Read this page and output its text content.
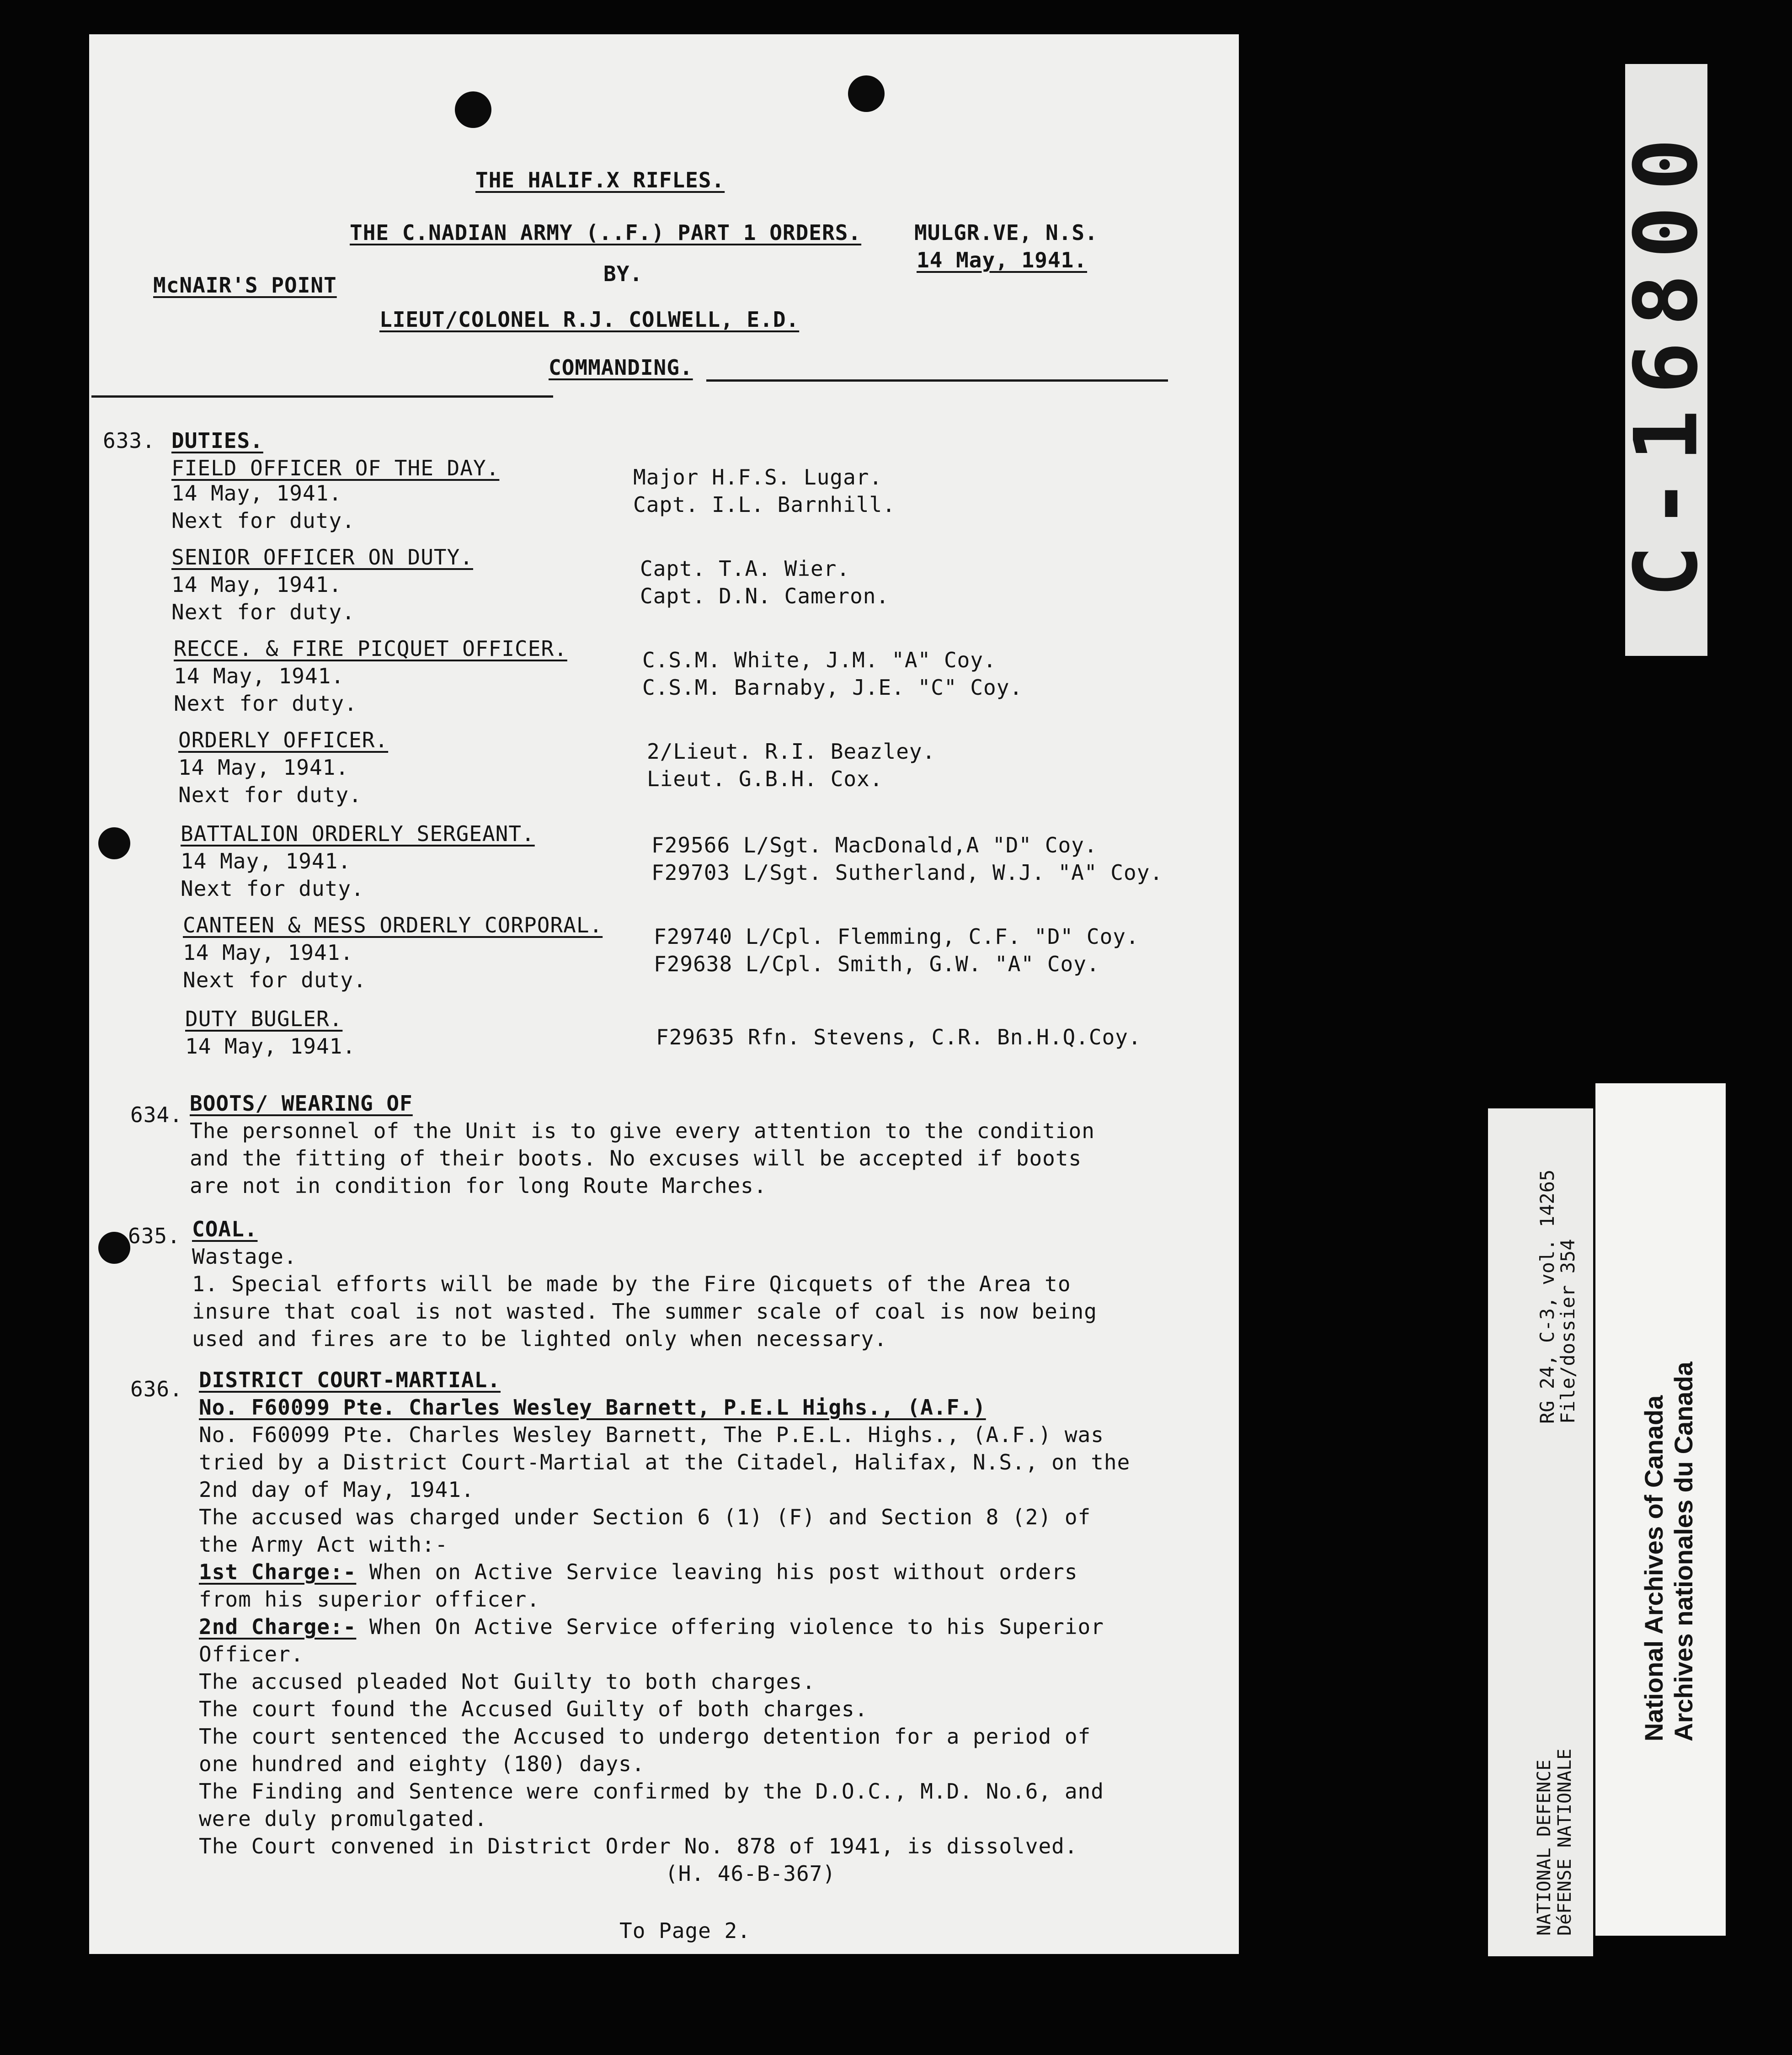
THE HALIF.X RIFLES.
THE C.NADIAN ARMY (..F.) PART 1 ORDERS.	MULGR.VE, N.S.
14 May, 1941.
BY.
McNAIR'S POINT
LIEUT/COLONEL R.J. COLWELL, E.D.
COMMANDING.
633. DUTIES.
FIELD OFFICER OF THE DAY.
14 May, 1941.
Next for duty.
Major H.F.S. Lugar.
Capt. I.L. Barnhill.
SENIOR OFFICER ON DUTY.
14 May, 1941.
Next for duty.
Capt. T.A. Wier.
Capt. D.N. Cameron.
RECCE. & FIRE PICQUET OFFICER.
14 May, 1941.
Next for duty.
C.S.M. White, J.M. "A" Coy.
C.S.M. Barnaby, J.E. "C" Coy.
ORDERLY OFFICER.
14 May, 1941.
Next for duty.
2/Lieut. R.I. Beazley.
Lieut. G.B.H. Cox.
BATTALION ORDERLY SERGEANT.
14 May, 1941.
Next for duty.
F29566 L/Sgt. MacDonald,A "D" Coy.
F29703 L/Sgt. Sutherland, W.J. "A" Coy.
CANTEEN & MESS ORDERLY CORPORAL.
14 May, 1941.
Next for duty.
F29740 L/Cpl. Flemming, C.F. "D" Coy.
F29638 L/Cpl. Smith, G.W. "A" Coy.
DUTY BUGLER.
14 May, 1941.	F29635 Rfn. Stevens, C.R. Bn.H.Q.Coy.
634. BOOTS/ WEARING OF
The personnel of the Unit is to give every attention to the condition
and the fitting of their boots. No excuses will be accepted if boots
are not in condition for long Route Marches.
635. COAL.
Wastage.
1. Special efforts will be made by the Fire Qicquets of the Area to
insure that coal is not wasted. The summer scale of coal is now being
used and fires are to be lighted only when necessary.
636. DISTRICT COURT-MARTIAL.
No. F60099 Pte. Charles Wesley Barnett, P.E.L Highs., (A.F.)
No. F60099 Pte. Charles Wesley Barnett, The P.E.L. Highs., (A.F.) was
tried by a District Court-Martial at the Citadel, Halifax, N.S., on the
2nd day of May, 1941.
The accused was charged under Section 6 (1) (F) and Section 8 (2) of
the Army Act with:-
1st Charge:- When on Active Service leaving his post without orders
from his superior officer.
2nd Charge:- When On Active Service offering violence to his Superior
Officer.
The accused pleaded Not Guilty to both charges.
The court found the Accused Guilty of both charges.
The court sentenced the Accused to undergo detention for a period of
one hundred and eighty (180) days.
The Finding and Sentence were confirmed by the D.O.C., M.D. No.6, and
were duly promulgated.
The Court convened in District Order No. 878 of 1941, is dissolved.
(H. 46-B-367)
To Page 2.
C-16800
RG 24, C-3, vol. 14265
File/dossier 354
NATIONAL DEFENCE DéFENSE NATIONALE
National Archives of Canada Archives nationales du Canada
